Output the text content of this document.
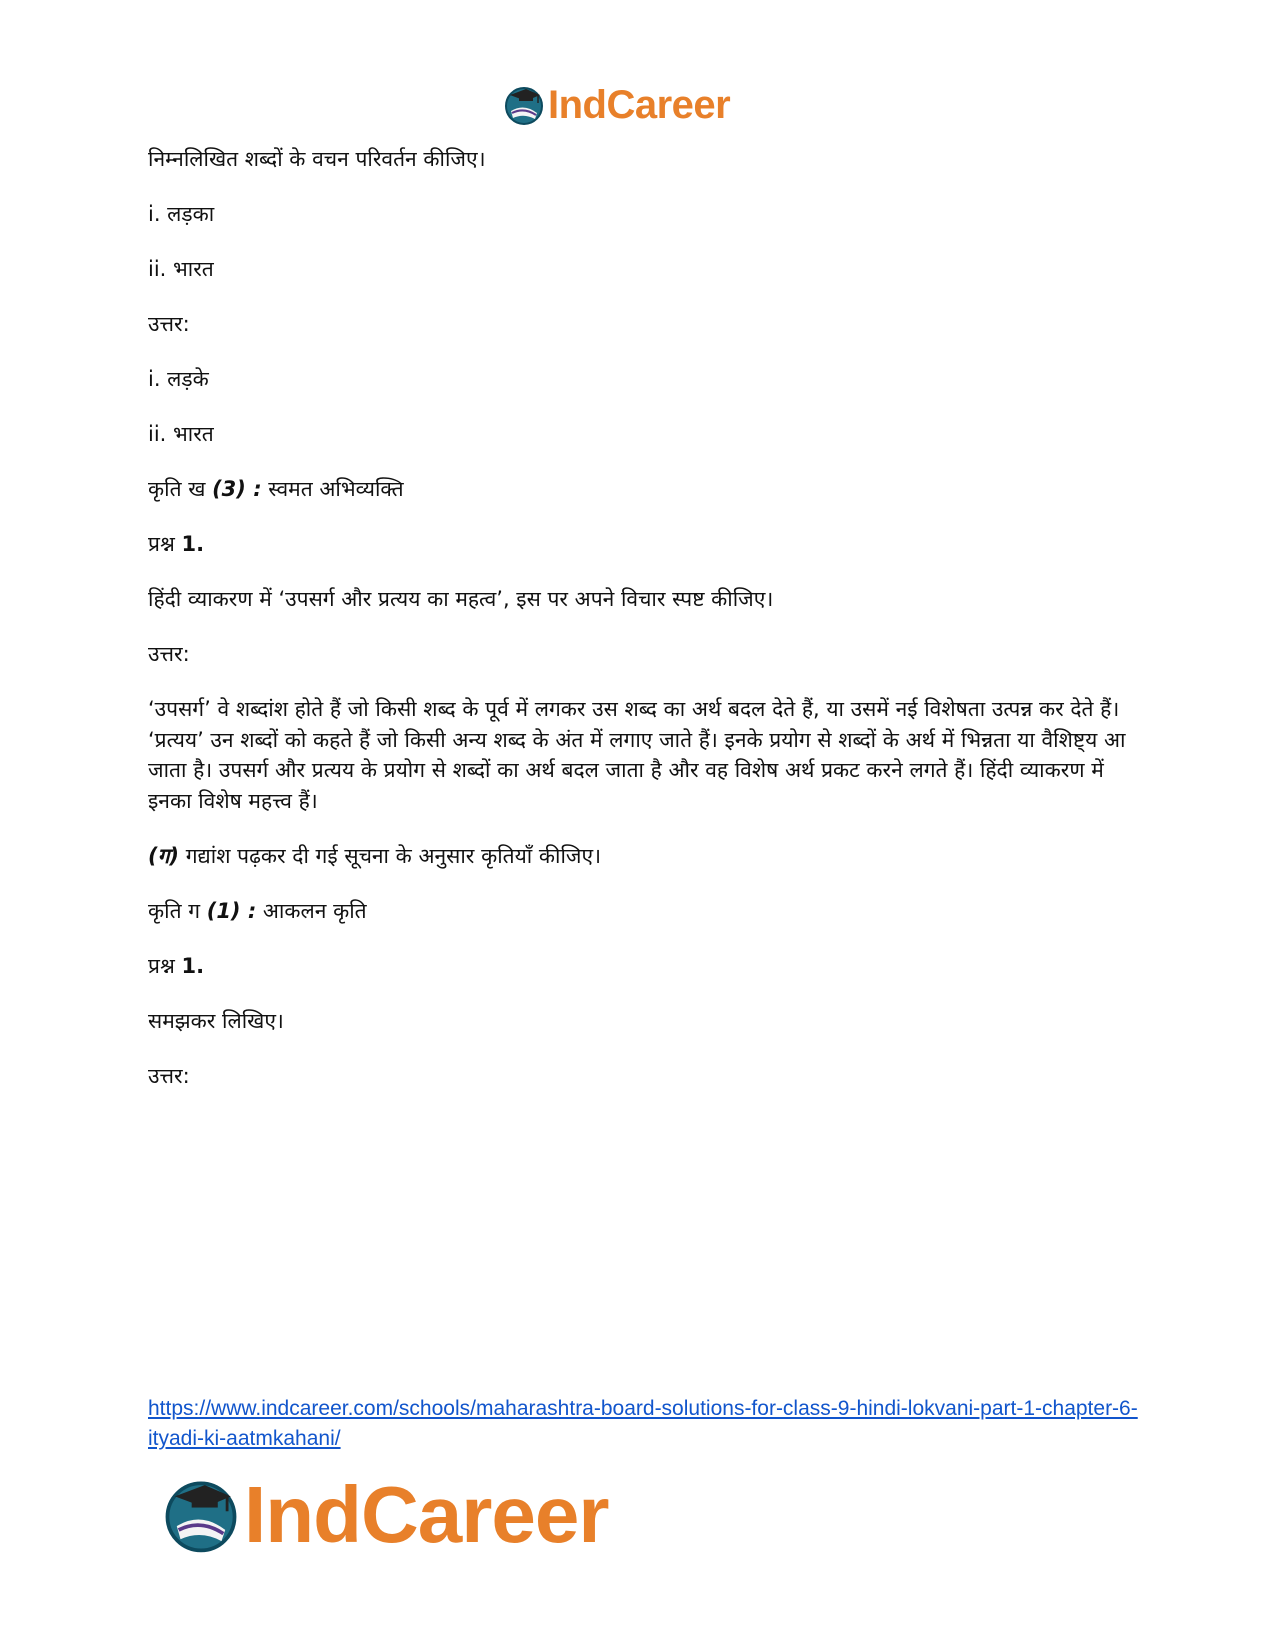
IndCareer
निम्नलिखित शब्दों के वचन परिवर्तन कीजिए।
i. लड़का
ii. भारत
उत्तर:
i. लड़के
ii. भारत
कृति ख (3) : स्वमत अभिव्यक्ति
प्रश्न 1.
हिंदी व्याकरण में ‘उपसर्ग और प्रत्यय का महत्व’, इस पर अपने विचार स्पष्ट कीजिए।
उत्तर:
‘उपसर्ग’ वे शब्दांश होते हैं जो किसी शब्द के पूर्व में लगकर उस शब्द का अर्थ बदल देते हैं, या उसमें नई विशेषता उत्पन्न कर देते हैं। ‘प्रत्यय’ उन शब्दों को कहते हैं जो किसी अन्य शब्द के अंत में लगाए जाते हैं। इनके प्रयोग से शब्दों के अर्थ में भिन्नता या वैशिष्ट्य आ जाता है। उपसर्ग और प्रत्यय के प्रयोग से शब्दों का अर्थ बदल जाता है और वह विशेष अर्थ प्रकट करने लगते हैं। हिंदी व्याकरण में इनका विशेष महत्त्व हैं।
(ग) गद्यांश पढ़कर दी गई सूचना के अनुसार कृतियाँ कीजिए।
कृति ग (1) : आकलन कृति
प्रश्न 1.
समझकर लिखिए।
उत्तर:
https://www.indcareer.com/schools/maharashtra-board-solutions-for-class-9-hindi-lokvani-part-1-chapter-6-ityadi-ki-aatmkahani/
IndCareer
